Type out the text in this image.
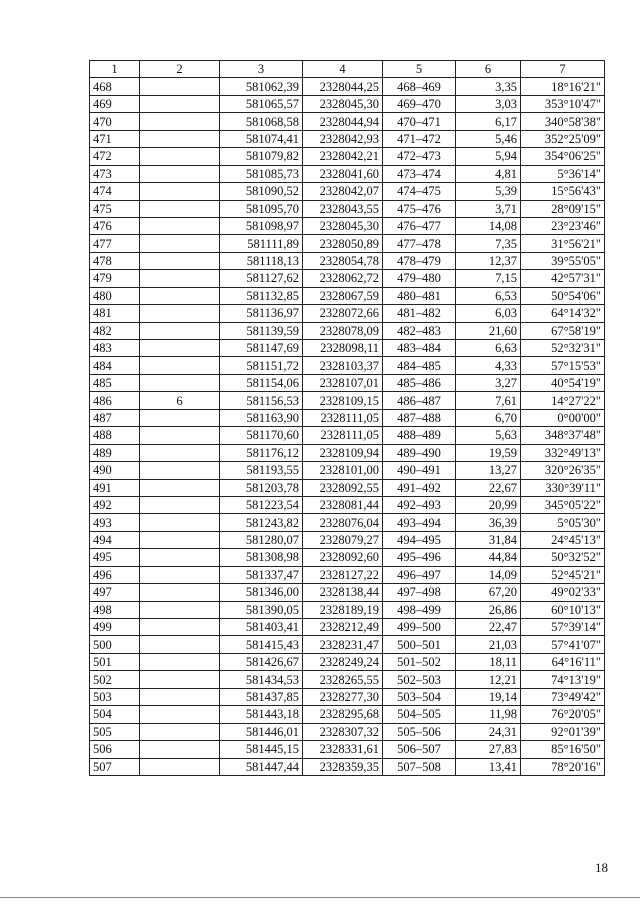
1	2	3	4	5	6	7
468		581062,39	2328044,25	468–469	3,35	18°16'21"
469		581065,57	2328045,30	469–470	3,03	353°10'47"
470		581068,58	2328044,94	470–471	6,17	340°58'38"
471		581074,41	2328042,93	471–472	5,46	352°25'09"
472		581079,82	2328042,21	472–473	5,94	354°06'25"
473		581085,73	2328041,60	473–474	4,81	5°36'14"
474		581090,52	2328042,07	474–475	5,39	15°56'43"
475		581095,70	2328043,55	475–476	3,71	28°09'15"
476		581098,97	2328045,30	476–477	14,08	23°23'46"
477		581111,89	2328050,89	477–478	7,35	31°56'21"
478		581118,13	2328054,78	478–479	12,37	39°55'05"
479		581127,62	2328062,72	479–480	7,15	42°57'31"
480		581132,85	2328067,59	480–481	6,53	50°54'06"
481		581136,97	2328072,66	481–482	6,03	64°14'32"
482		581139,59	2328078,09	482–483	21,60	67°58'19"
483		581147,69	2328098,11	483–484	6,63	52°32'31"
484		581151,72	2328103,37	484–485	4,33	57°15'53"
485		581154,06	2328107,01	485–486	3,27	40°54'19"
486	6	581156,53	2328109,15	486–487	7,61	14°27'22"
487		581163,90	2328111,05	487–488	6,70	0°00'00"
488		581170,60	2328111,05	488–489	5,63	348°37'48"
489		581176,12	2328109,94	489–490	19,59	332°49'13"
490		581193,55	2328101,00	490–491	13,27	320°26'35"
491		581203,78	2328092,55	491–492	22,67	330°39'11"
492		581223,54	2328081,44	492–493	20,99	345°05'22"
493		581243,82	2328076,04	493–494	36,39	5°05'30"
494		581280,07	2328079,27	494–495	31,84	24°45'13"
495		581308,98	2328092,60	495–496	44,84	50°32'52"
496		581337,47	2328127,22	496–497	14,09	52°45'21"
497		581346,00	2328138,44	497–498	67,20	49°02'33"
498		581390,05	2328189,19	498–499	26,86	60°10'13"
499		581403,41	2328212,49	499–500	22,47	57°39'14"
500		581415,43	2328231,47	500–501	21,03	57°41'07"
501		581426,67	2328249,24	501–502	18,11	64°16'11"
502		581434,53	2328265,55	502–503	12,21	74°13'19"
503		581437,85	2328277,30	503–504	19,14	73°49'42"
504		581443,18	2328295,68	504–505	11,98	76°20'05"
505		581446,01	2328307,32	505–506	24,31	92°01'39"
506		581445,15	2328331,61	506–507	27,83	85°16'50"
507		581447,44	2328359,35	507–508	13,41	78°20'16"
18
